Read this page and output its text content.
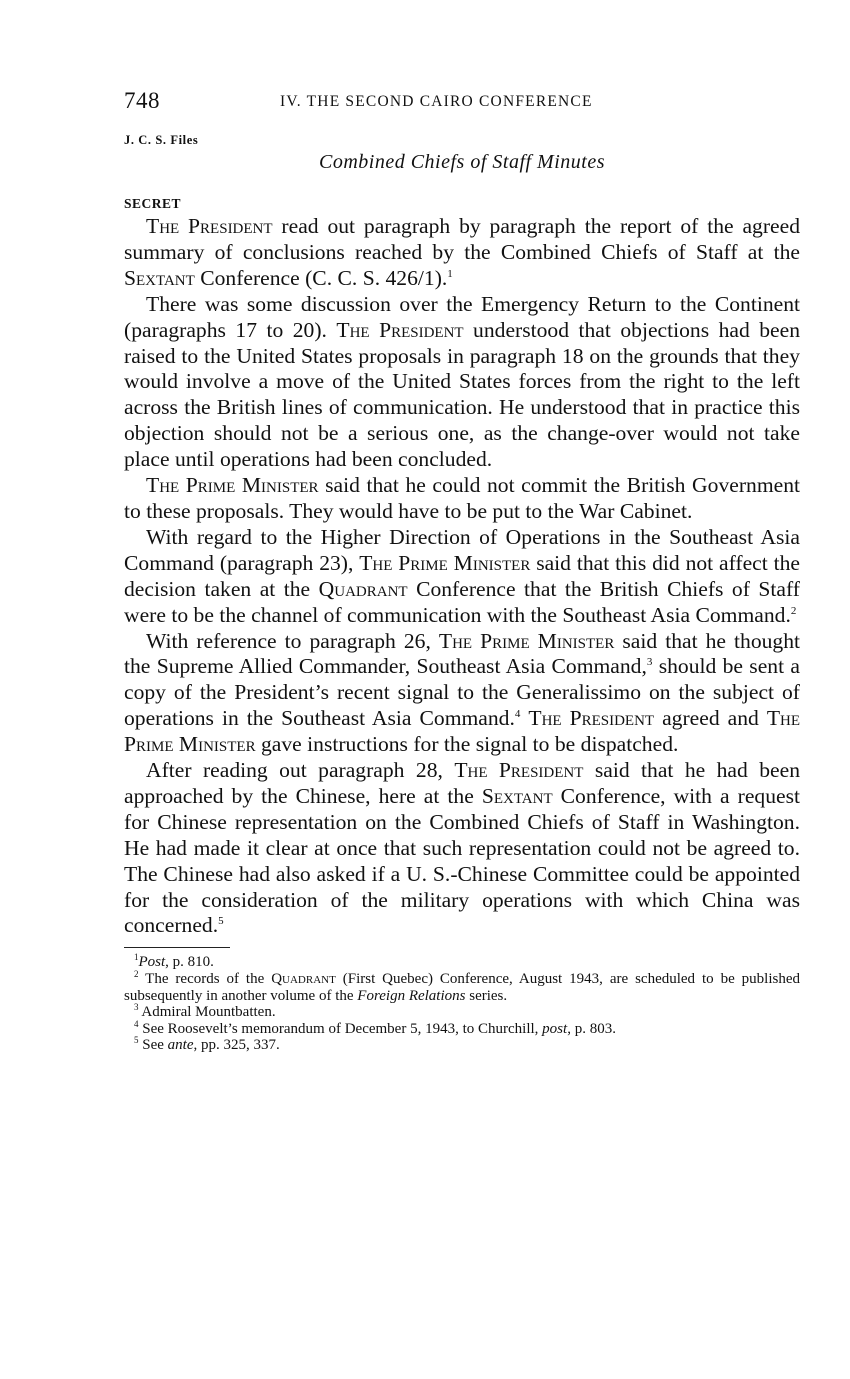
748	IV. THE SECOND CAIRO CONFERENCE
J. C. S. Files
Combined Chiefs of Staff Minutes
SECRET

The President read out paragraph by paragraph the report of the agreed summary of conclusions reached by the Combined Chiefs of Staff at the Sextant Conference (C. C. S. 426/1).$^1$

There was some discussion over the Emergency Return to the Continent (paragraphs 17 to 20). The President understood that objections had been raised to the United States proposals in paragraph 18 on the grounds that they would involve a move of the United States forces from the right to the left across the British lines of communication. He understood that in practice this objection should not be a serious one, as the change-over would not take place until operations had been concluded.

The Prime Minister said that he could not commit the British Government to these proposals. They would have to be put to the War Cabinet.

With regard to the Higher Direction of Operations in the Southeast Asia Command (paragraph 23), The Prime Minister said that this did not affect the decision taken at the Quadrant Conference that the British Chiefs of Staff were to be the channel of communication with the Southeast Asia Command.$^2$

With reference to paragraph 26, The Prime Minister said that he thought the Supreme Allied Commander, Southeast Asia Command,$^3$ should be sent a copy of the President’s recent signal to the Generalissimo on the subject of operations in the Southeast Asia Command.$^4$ The President agreed and The Prime Minister gave instructions for the signal to be dispatched.

After reading out paragraph 28, The President said that he had been approached by the Chinese, here at the Sextant Conference, with a request for Chinese representation on the Combined Chiefs of Staff in Washington. He had made it clear at once that such representation could not be agreed to. The Chinese had also asked if a U. S.-Chinese Committee could be appointed for the consideration of the military operations with which China was concerned.$^5$

$^1$Post, p. 810.

$^2$ The records of the Quadrant (First Quebec) Conference, August 1943, are scheduled to be published subsequently in another volume of the Foreign Relations series.

$^3$ Admiral Mountbatten.

$^4$ See Roosevelt’s memorandum of December 5, 1943, to Churchill, post, p. 803.

$^5$ See ante, pp. 325, 337.
